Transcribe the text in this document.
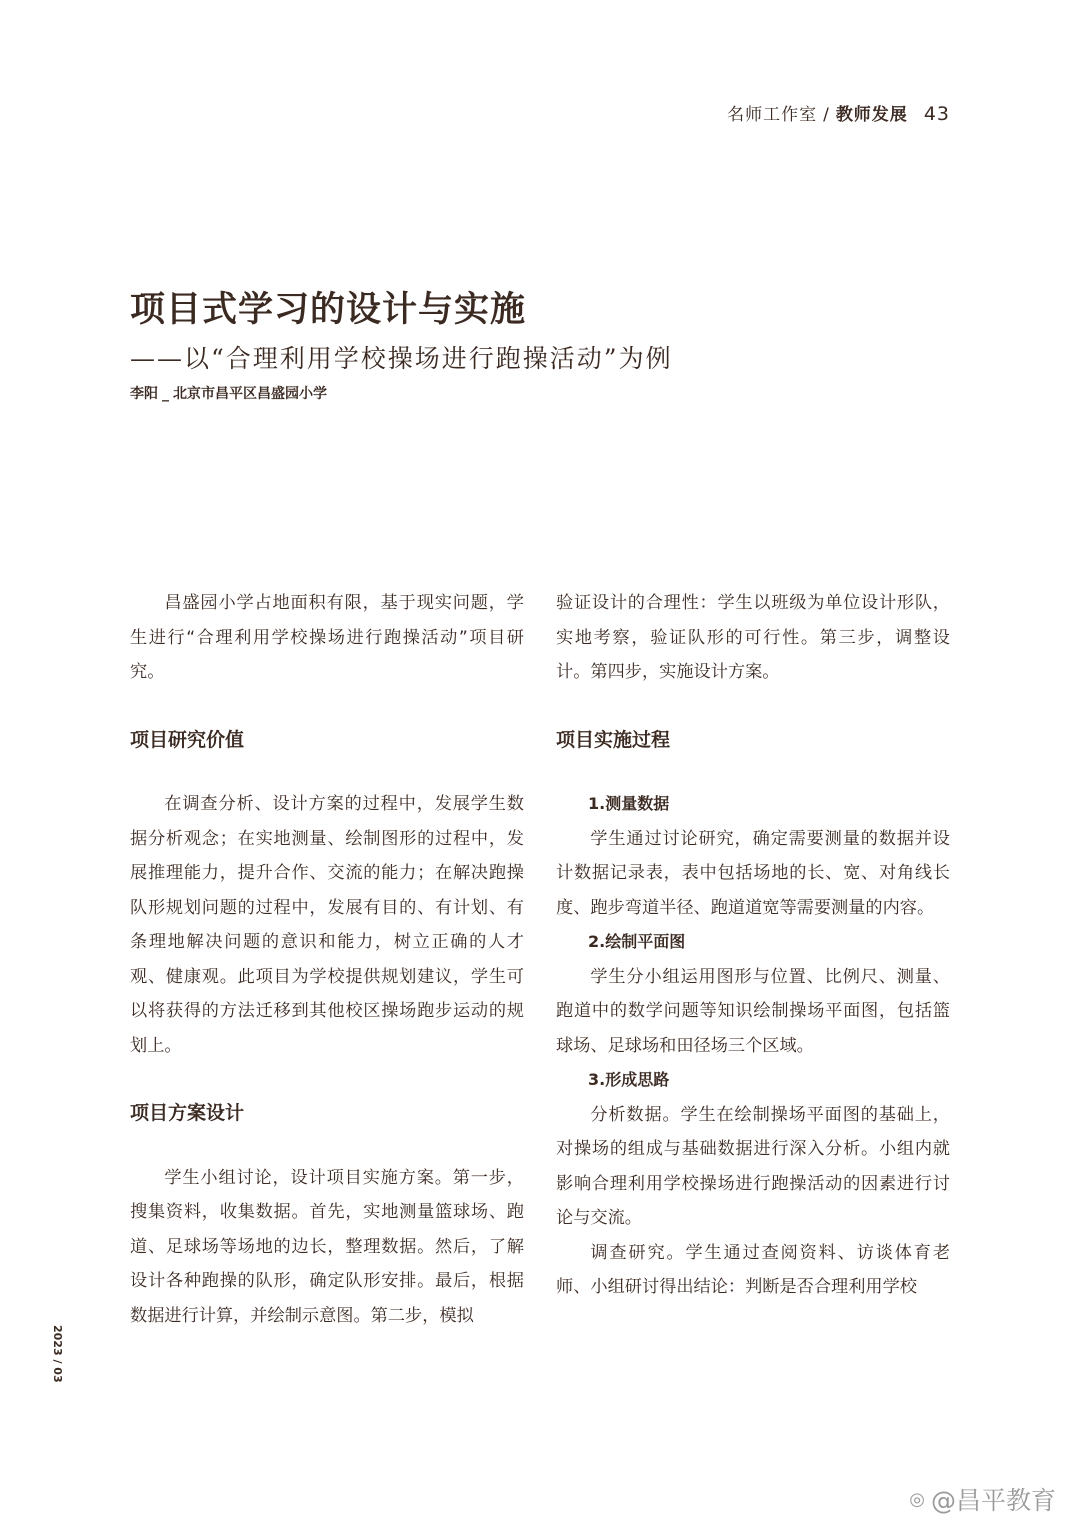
名师工作室 / 教师发展 43
项目式学习的设计与实施
——以“合理利用学校操场进行跑操活动”为例
李阳 _ 北京市昌平区昌盛园小学

昌盛园小学占地面积有限，基于现实问题，学生进行“合理利用学校操场进行跑操活动”项目研究。

项目研究价值

在调查分析、设计方案的过程中，发展学生数据分析观念；在实地测量、绘制图形的过程中，发展推理能力，提升合作、交流的能力；在解决跑操队形规划问题的过程中，发展有目的、有计划、有条理地解决问题的意识和能力，树立正确的人才观、健康观。此项目为学校提供规划建议，学生可以将获得的方法迁移到其他校区操场跑步运动的规划上。

项目方案设计

学生小组讨论，设计项目实施方案。第一步，搜集资料，收集数据。首先，实地测量篮球场、跑道、足球场等场地的边长，整理数据。然后，了解设计各种跑操的队形，确定队形安排。最后，根据数据进行计算，并绘制示意图。第二步，模拟

验证设计的合理性：学生以班级为单位设计形队，实地考察，验证队形的可行性。第三步，调整设计。第四步，实施设计方案。

项目实施过程

1.测量数据

学生通过讨论研究，确定需要测量的数据并设计数据记录表，表中包括场地的长、宽、对角线长度、跑步弯道半径、跑道道宽等需要测量的内容。

2.绘制平面图

学生分小组运用图形与位置、比例尺、测量、跑道中的数学问题等知识绘制操场平面图，包括篮球场、足球场和田径场三个区域。

3.形成思路

分析数据。学生在绘制操场平面图的基础上，对操场的组成与基础数据进行深入分析。小组内就影响合理利用学校操场进行跑操活动的因素进行讨论与交流。

调查研究。学生通过查阅资料、访谈体育老师、小组研讨得出结论：判断是否合理利用学校

2023 / 03
◎ @昌平教育
